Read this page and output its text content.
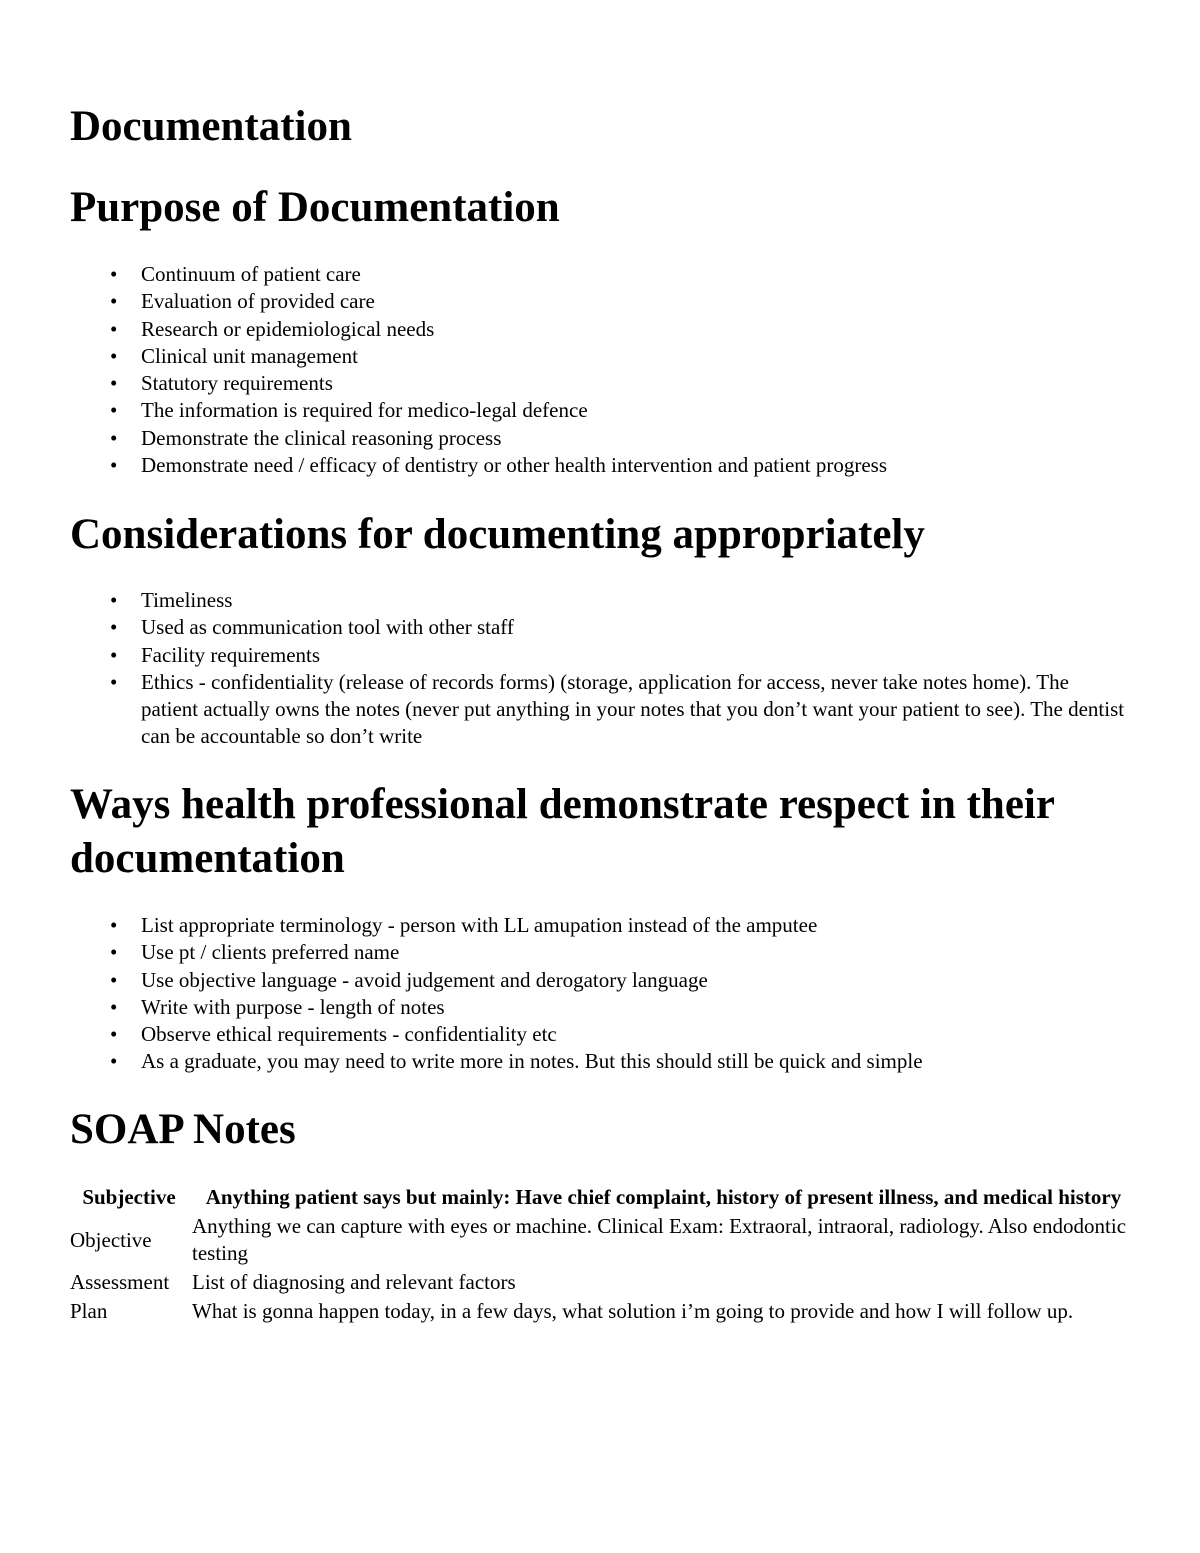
Documentation
Purpose of Documentation
• Continuum of patient care
• Evaluation of provided care
• Research or epidemiological needs
• Clinical unit management
• Statutory requirements
• The information is required for medico-legal defence
• Demonstrate the clinical reasoning process
• Demonstrate need / efficacy of dentistry or other health intervention and patient progress
Considerations for documenting appropriately
• Timeliness
• Used as communication tool with other staff
• Facility requirements
• Ethics - confidentiality (release of records forms) (storage, application for access, never take notes home). The patient actually owns the notes (never put anything in your notes that you don’t want your patient to see). The dentist can be accountable so don’t write
Ways health professional demonstrate respect in their documentation
• List appropriate terminology - person with LL amupation instead of the amputee
• Use pt / clients preferred name
• Use objective language - avoid judgement and derogatory language
• Write with purpose - length of notes
• Observe ethical requirements - confidentiality etc
• As a graduate, you may need to write more in notes. But this should still be quick and simple
SOAP Notes
Subjective	Anything patient says but mainly: Have chief complaint, history of present illness, and medical history
Objective	Anything we can capture with eyes or machine. Clinical Exam: Extraoral, intraoral, radiology. Also endodontic testing
Assessment	List of diagnosing and relevant factors
Plan	What is gonna happen today, in a few days, what solution i’m going to provide and how I will follow up.
